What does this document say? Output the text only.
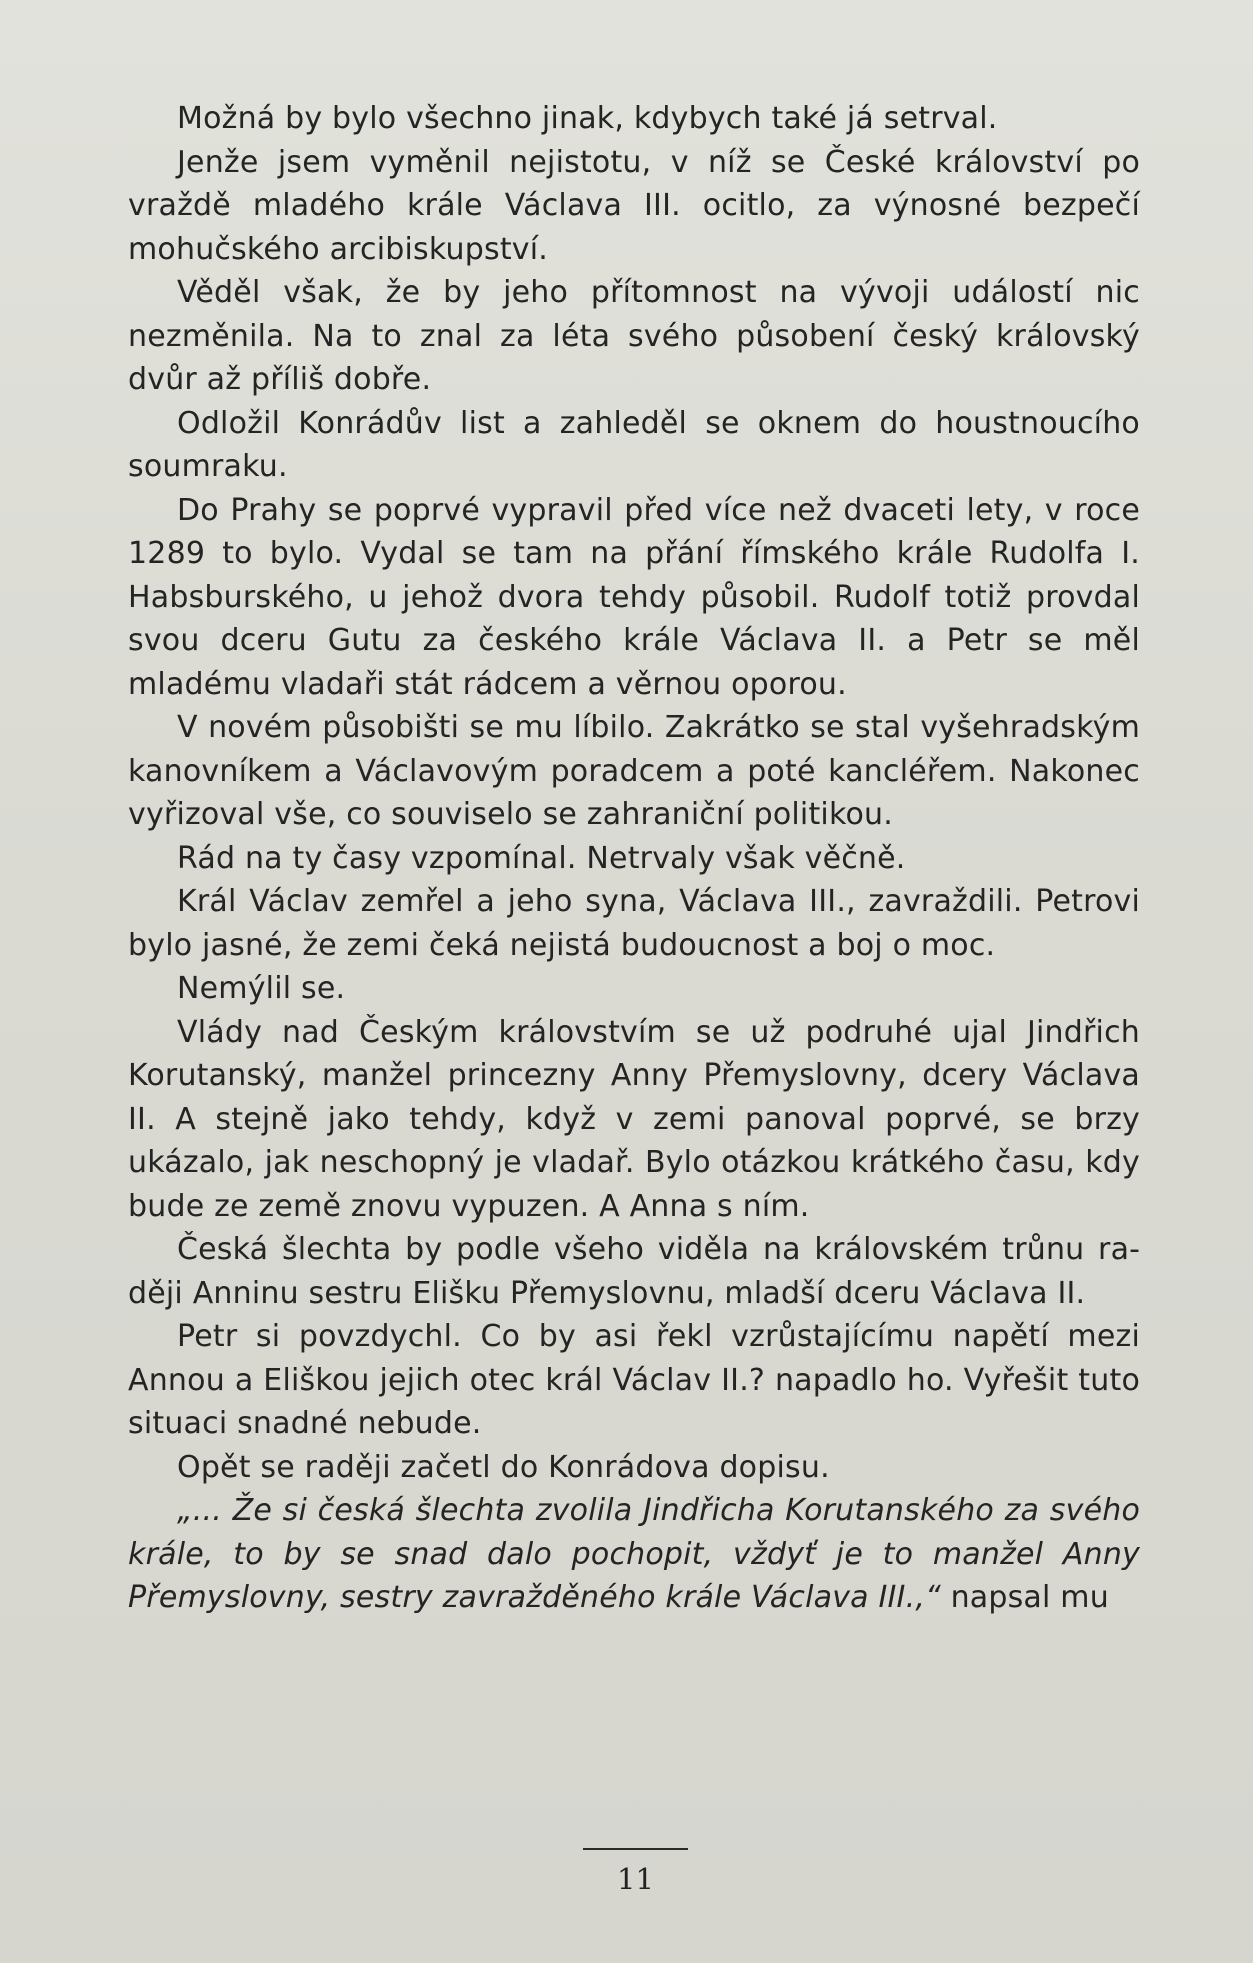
Možná by bylo všechno jinak, kdybych také já setrval.

Jenže jsem vyměnil nejistotu, v níž se České království po vraždě mladého krále Václava III. ocitlo, za výnosné bezpečí mohučského arcibiskupství.

Věděl však, že by jeho přítomnost na vývoji událostí nic nezměnila. Na to znal za léta svého působení český královský dvůr až příliš dobře.

Odložil Konrádův list a zahleděl se oknem do houstnoucího soumraku.

Do Prahy se poprvé vypravil před více než dvaceti lety, v roce 1289 to bylo. Vydal se tam na přání římského krále Rudolfa I. Habsburského, u jehož dvora tehdy působil. Rudolf totiž provdal svou dceru Gutu za českého krále Václava II. a Petr se měl mladému vladaři stát rádcem a věrnou oporou.

V novém působišti se mu líbilo. Zakrátko se stal vyšehradským kanovníkem a Václavovým poradcem a poté kancléřem. Nakonec vyřizoval vše, co souviselo se zahraniční politikou.

Rád na ty časy vzpomínal. Netrvaly však věčně.

Král Václav zemřel a jeho syna, Václava III., zavraždili. Petrovi bylo jasné, že zemi čeká nejistá budoucnost a boj o moc.

Nemýlil se.

Vlády nad Českým královstvím se už podruhé ujal Jindřich Korutanský, manžel princezny Anny Přemyslovny, dcery Václava II. A stejně jako tehdy, když v zemi panoval poprvé, se brzy ukázalo, jak neschopný je vladař. Bylo otázkou krátkého času, kdy bude ze země znovu vypuzen. A Anna s ním.

Česká šlechta by podle všeho viděla na královském trůnu raději Anninu sestru Elišku Přemyslovnu, mladší dceru Václava II.

Petr si povzdychl. Co by asi řekl vzrůstajícímu napětí mezi Annou a Eliškou jejich otec král Václav II.? napadlo ho. Vyřešit tuto situaci snadné nebude.

Opět se raději začetl do Konrádova dopisu.

„... Že si česká šlechta zvolila Jindřicha Korutanského za svého krále, to by se snad dalo pochopit, vždyť je to manžel Anny Přemyslovny, sestry zavražděného krále Václava III.,“ napsal mu

11
